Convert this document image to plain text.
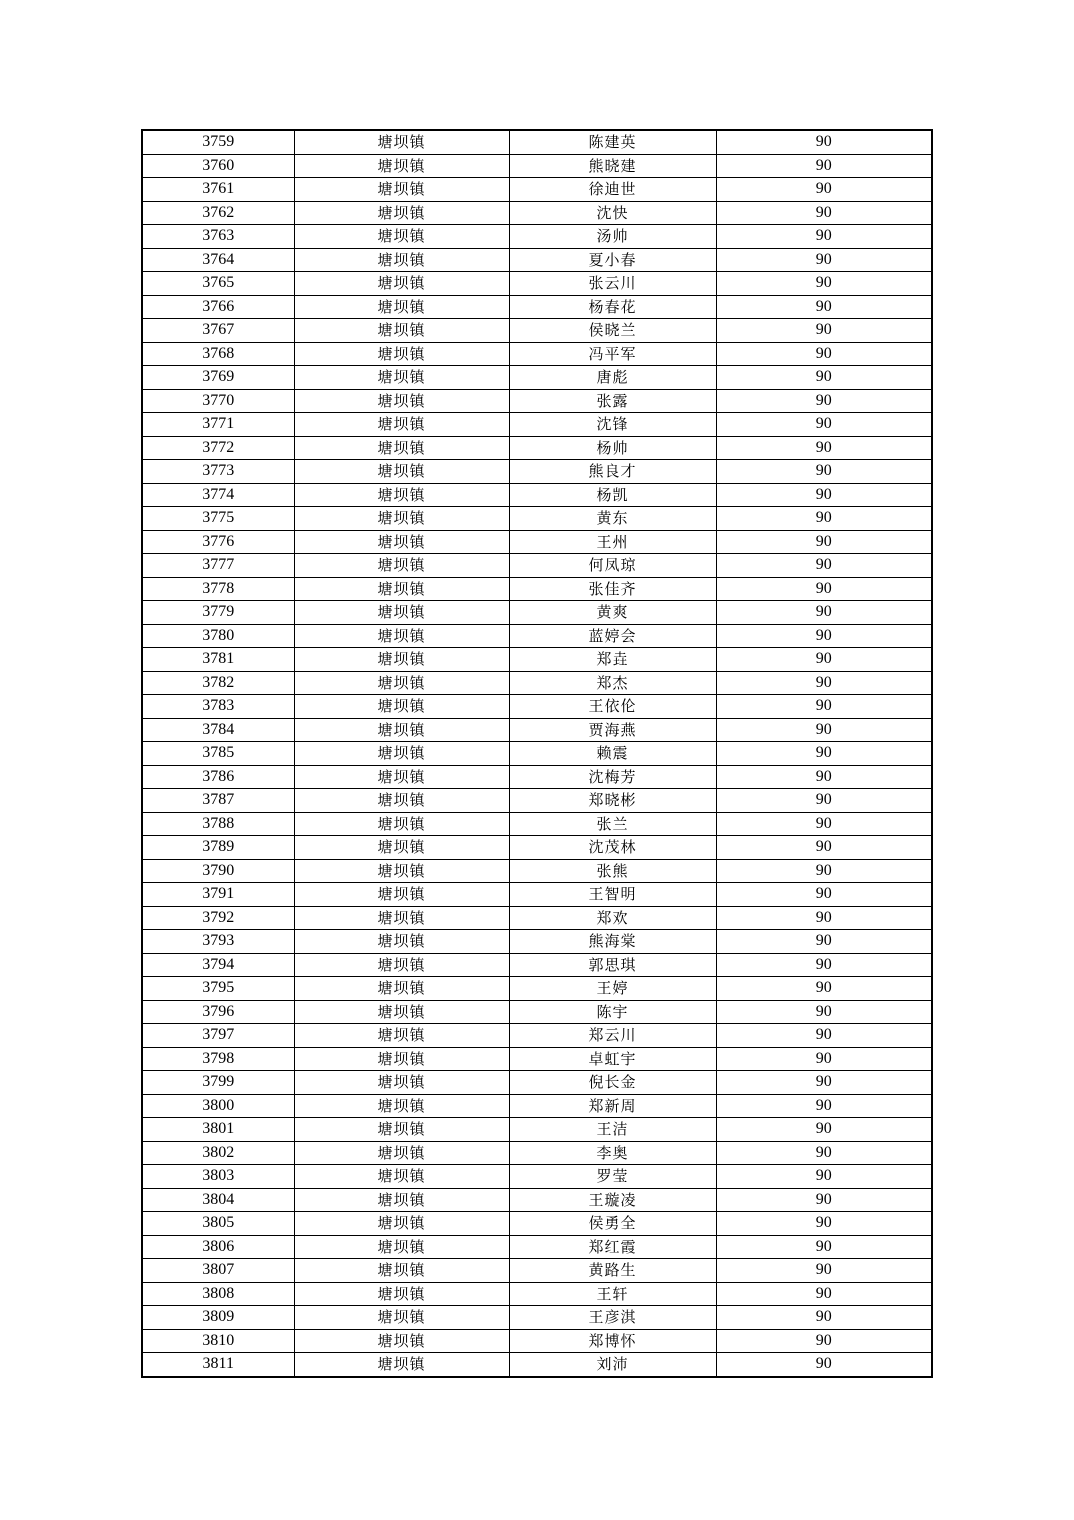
3759	塘坝镇	陈建英	90
3760	塘坝镇	熊晓建	90
3761	塘坝镇	徐迪世	90
3762	塘坝镇	沈快	90
3763	塘坝镇	汤帅	90
3764	塘坝镇	夏小春	90
3765	塘坝镇	张云川	90
3766	塘坝镇	杨春花	90
3767	塘坝镇	侯晓兰	90
3768	塘坝镇	冯平军	90
3769	塘坝镇	唐彪	90
3770	塘坝镇	张露	90
3771	塘坝镇	沈锋	90
3772	塘坝镇	杨帅	90
3773	塘坝镇	熊良才	90
3774	塘坝镇	杨凯	90
3775	塘坝镇	黄东	90
3776	塘坝镇	王州	90
3777	塘坝镇	何凤琼	90
3778	塘坝镇	张佳齐	90
3779	塘坝镇	黄爽	90
3780	塘坝镇	蓝婷会	90
3781	塘坝镇	郑垚	90
3782	塘坝镇	郑杰	90
3783	塘坝镇	王依伦	90
3784	塘坝镇	贾海燕	90
3785	塘坝镇	赖震	90
3786	塘坝镇	沈梅芳	90
3787	塘坝镇	郑晓彬	90
3788	塘坝镇	张兰	90
3789	塘坝镇	沈茂林	90
3790	塘坝镇	张熊	90
3791	塘坝镇	王智明	90
3792	塘坝镇	郑欢	90
3793	塘坝镇	熊海棠	90
3794	塘坝镇	郭思琪	90
3795	塘坝镇	王婷	90
3796	塘坝镇	陈宇	90
3797	塘坝镇	郑云川	90
3798	塘坝镇	卓虹宇	90
3799	塘坝镇	倪长金	90
3800	塘坝镇	郑新周	90
3801	塘坝镇	王洁	90
3802	塘坝镇	李奥	90
3803	塘坝镇	罗莹	90
3804	塘坝镇	王璇凌	90
3805	塘坝镇	侯勇全	90
3806	塘坝镇	郑红霞	90
3807	塘坝镇	黄路生	90
3808	塘坝镇	王轩	90
3809	塘坝镇	王彦淇	90
3810	塘坝镇	郑博怀	90
3811	塘坝镇	刘沛	90
